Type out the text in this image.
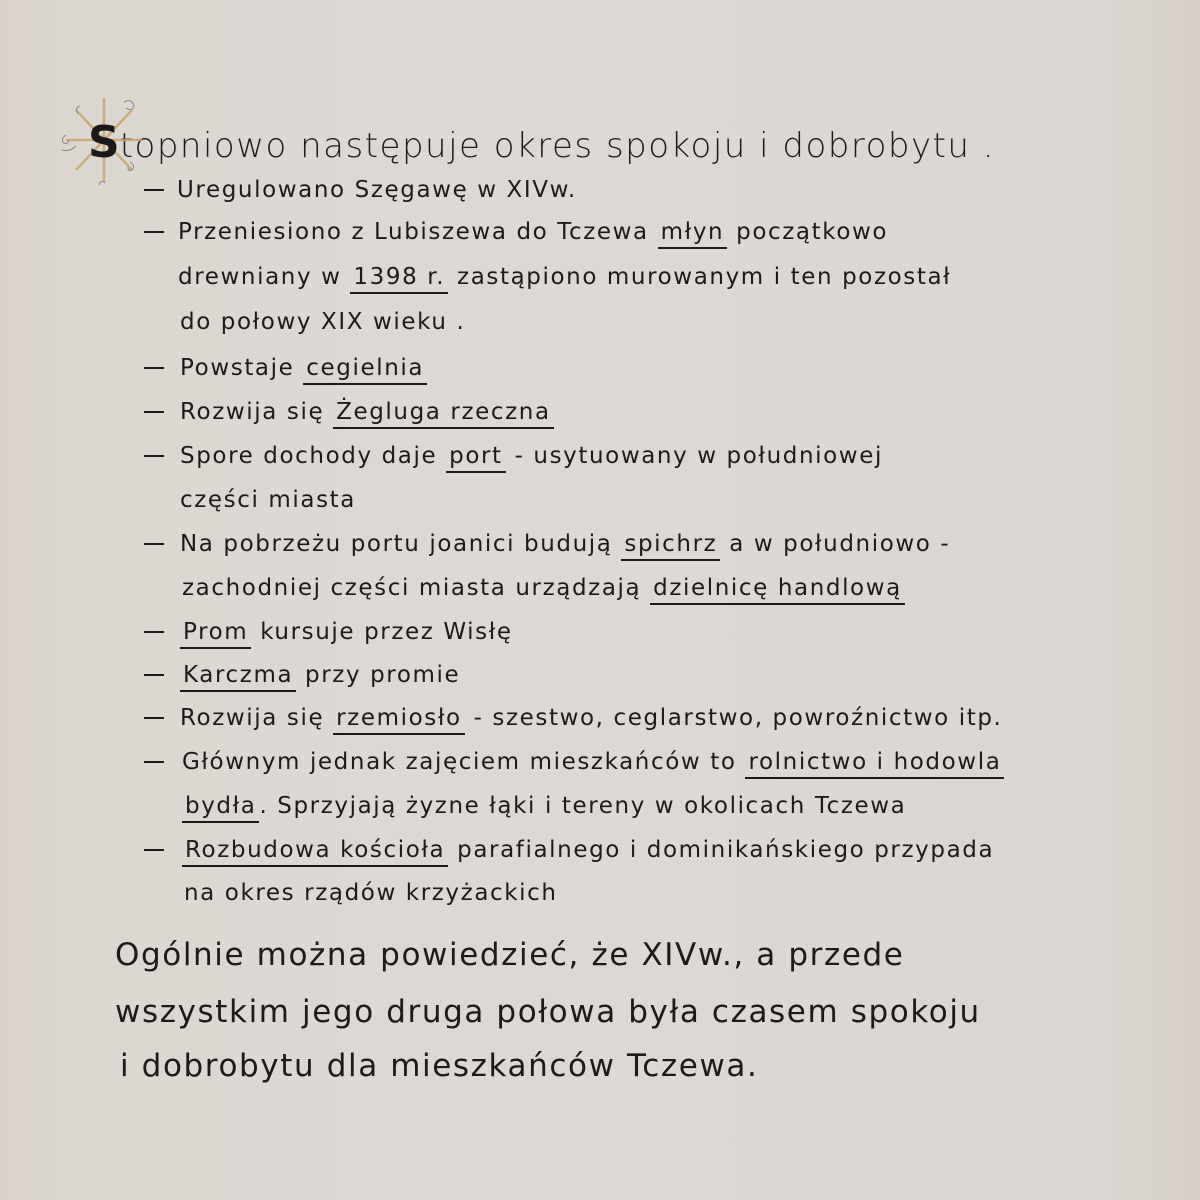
Stopniowo następuje okres spokoju i dobrobytu .
Uregulowano Szęgawę w XIVw.
Przeniesiono z Lubiszewa do Tczewa młyn początkowo
drewniany w 1398 r. zastąpiono murowanym i ten pozostał
do połowy XIX wieku .
Powstaje cegielnia
Rozwija się Żegluga rzeczna
Spore dochody daje port - usytuowany w południowej
części miasta
Na pobrzeżu portu joanici budują spichrz a w południowo -
zachodniej części miasta urządzają dzielnicę handlową
Prom kursuje przez Wisłę
Karczma przy promie
Rozwija się rzemiosło - szestwo, ceglarstwo, powroźnictwo itp.
Głównym jednak zajęciem mieszkańców to rolnictwo i hodowla
bydła . Sprzyjają żyzne łąki i tereny w okolicach Tczewa
Rozbudowa kościoła parafialnego i dominikańskiego przypada
na okres rządów krzyżackich
Ogólnie można powiedzieć, że XIVw., a przede
wszystkim jego druga połowa była czasem spokoju
i dobrobytu dla mieszkańców Tczewa.
